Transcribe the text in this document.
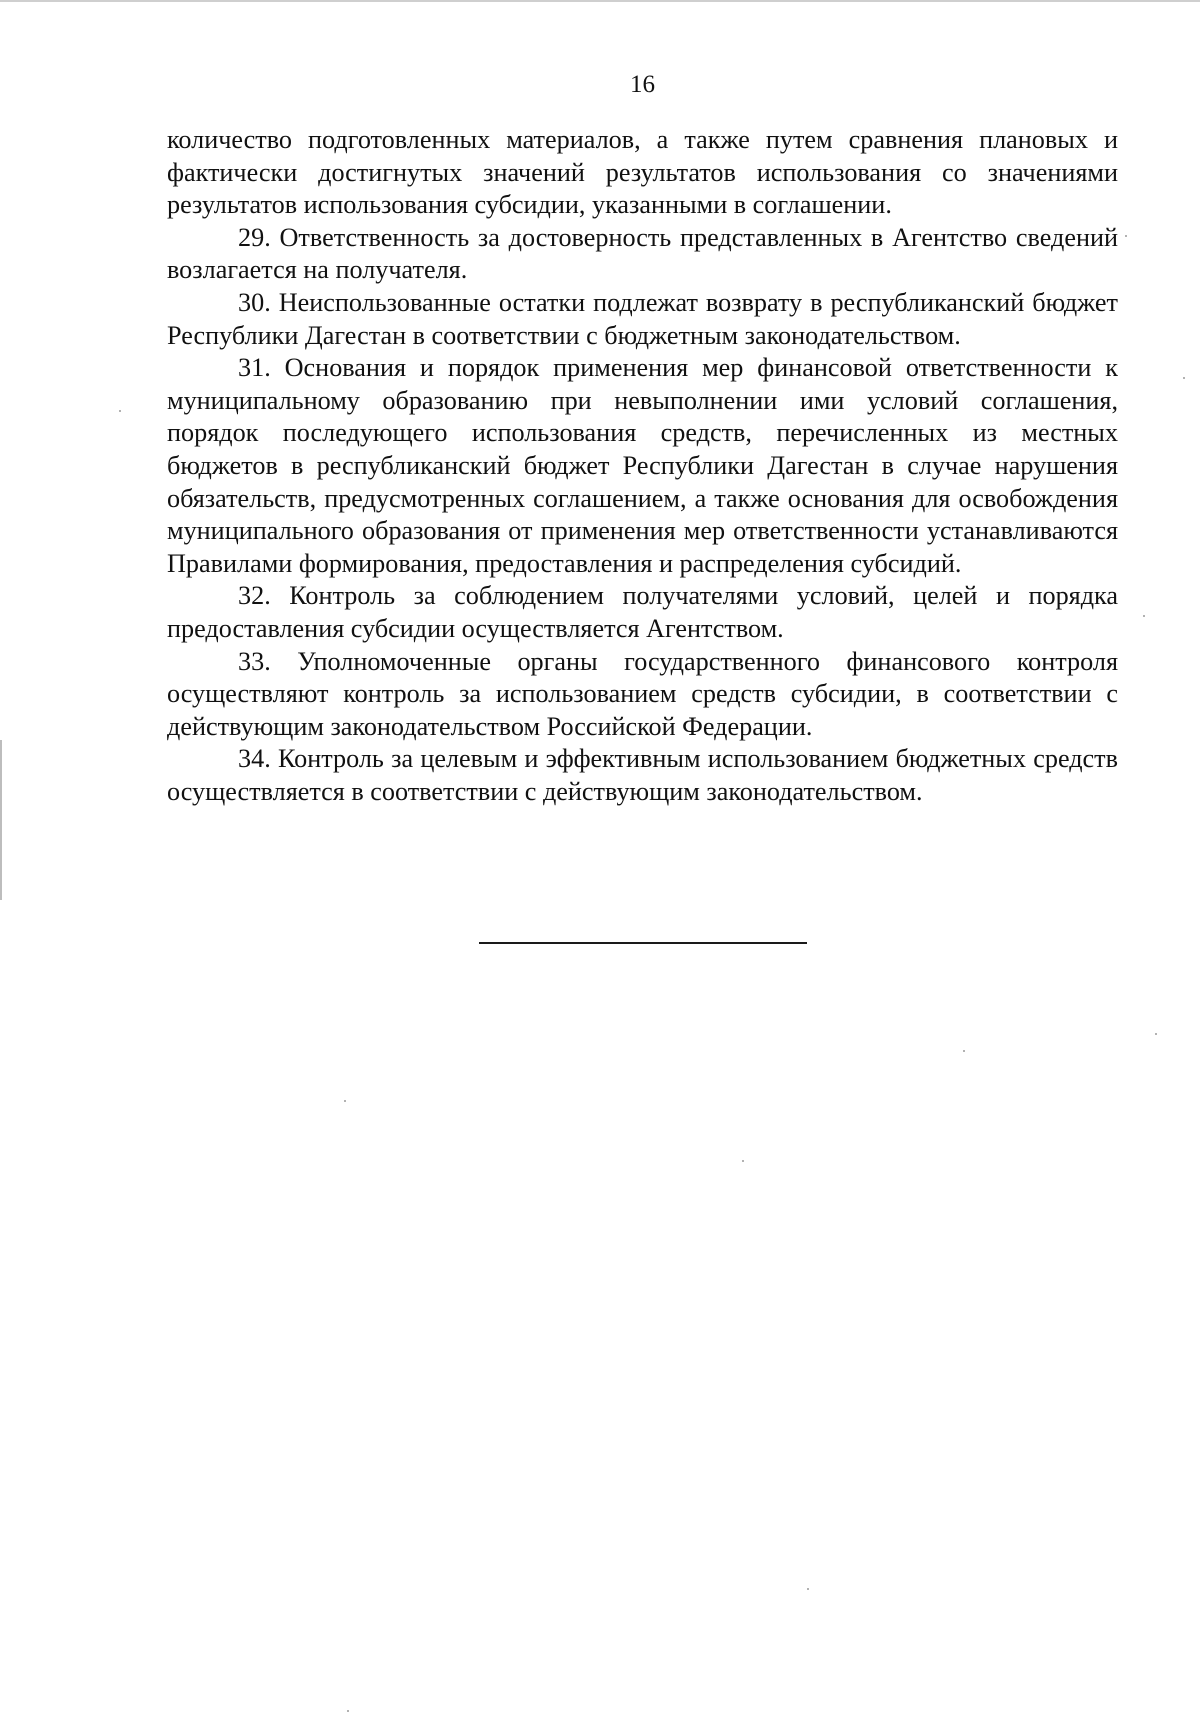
16

количество подготовленных материалов, а также путем сравнения плановых и фактически достигнутых значений результатов использования со значениями результатов использования субсидии, указанными в соглашении.

29. Ответственность за достоверность представленных в Агентство сведений возлагается на получателя.

30. Неиспользованные остатки подлежат возврату в республиканский бюджет Республики Дагестан в соответствии с бюджетным законодательством.

31. Основания и порядок применения мер финансовой ответственности к муниципальному образованию при невыполнении ими условий соглашения, порядок последующего использования средств, перечисленных из местных бюджетов в республиканский бюджет Республики Дагестан в случае нарушения обязательств, предусмотренных соглашением, а также основания для освобождения муниципального образования от применения мер ответственности устанавливаются Правилами формирования, предоставления и распределения субсидий.

32. Контроль за соблюдением получателями условий, целей и порядка предоставления субсидии осуществляется Агентством.

33. Уполномоченные органы государственного финансового контроля осуществляют контроль за использованием средств субсидии, в соответствии с действующим законодательством Российской Федерации.

34. Контроль за целевым и эффективным использованием бюджетных средств осуществляется в соответствии с действующим законодательством.
